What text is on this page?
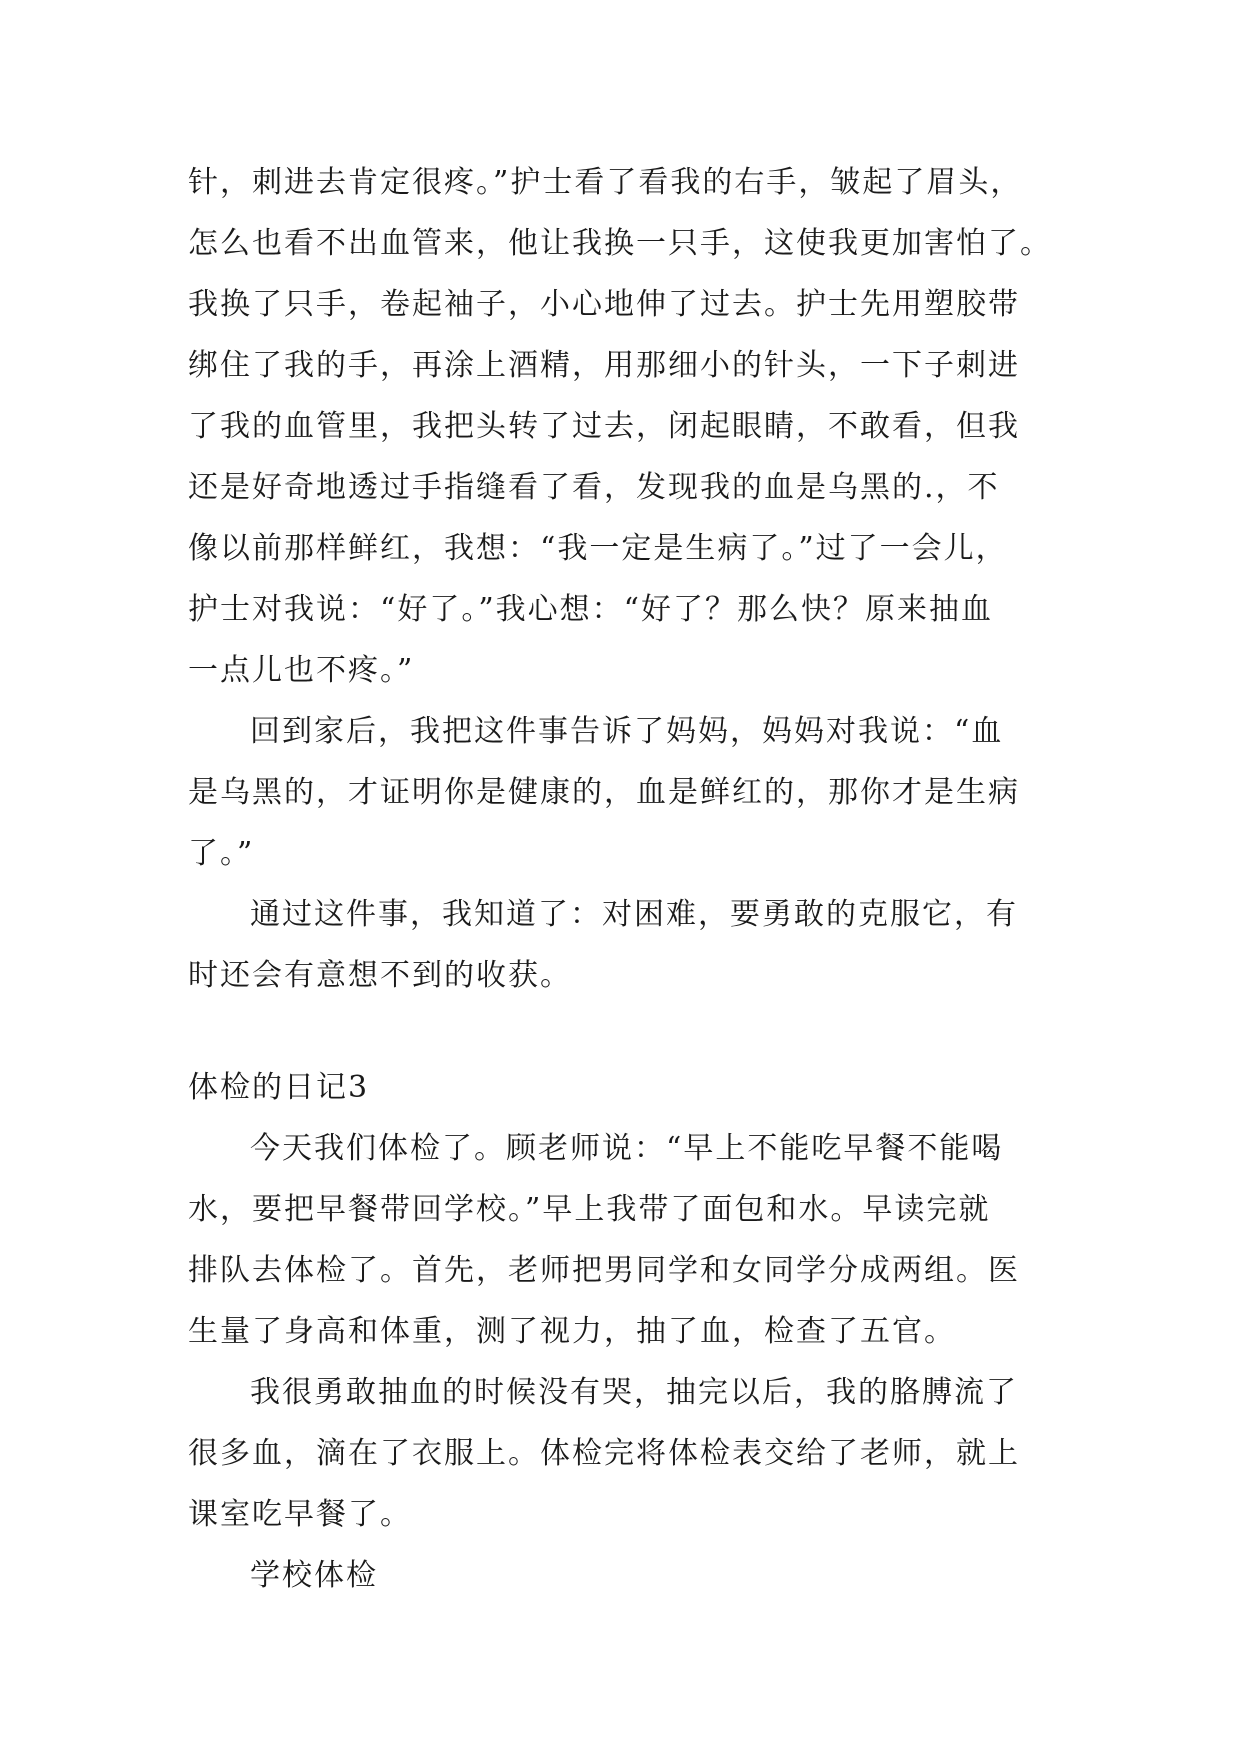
针，刺进去肯定很疼。”护士看了看我的右手，皱起了眉头，
怎么也看不出血管来，他让我换一只手，这使我更加害怕了。
我换了只手，卷起袖子，小心地伸了过去。护士先用塑胶带
绑住了我的手，再涂上酒精，用那细小的针头，一下子刺进
了我的血管里，我把头转了过去，闭起眼睛，不敢看，但我
还是好奇地透过手指缝看了看，发现我的血是乌黑的.，不
像以前那样鲜红，我想：“我一定是生病了。”过了一会儿，
护士对我说：“好了。”我心想：“好了？那么快？原来抽血
一点儿也不疼。”

回到家后，我把这件事告诉了妈妈，妈妈对我说：“血
是乌黑的，才证明你是健康的，血是鲜红的，那你才是生病
了。”

通过这件事，我知道了：对困难，要勇敢的克服它，有
时还会有意想不到的收获。

体检的日记3

今天我们体检了。顾老师说：“早上不能吃早餐不能喝
水，要把早餐带回学校。”早上我带了面包和水。早读完就
排队去体检了。首先，老师把男同学和女同学分成两组。医
生量了身高和体重，测了视力，抽了血，检查了五官。

我很勇敢抽血的时候没有哭，抽完以后，我的胳膊流了
很多血，滴在了衣服上。体检完将体检表交给了老师，就上
课室吃早餐了。

学校体检
